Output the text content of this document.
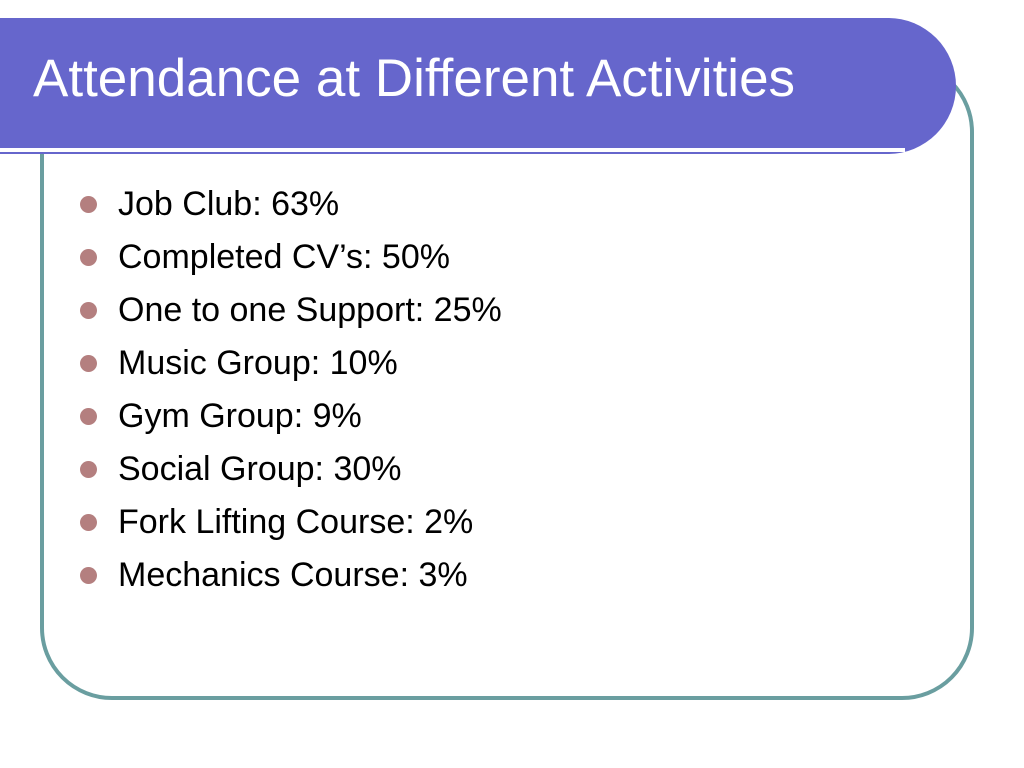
Attendance at Different Activities
Job Club: 63%
Completed CV’s: 50%
One to one Support: 25%
Music Group: 10%
Gym Group: 9%
Social Group: 30%
Fork Lifting Course: 2%
Mechanics Course: 3%
